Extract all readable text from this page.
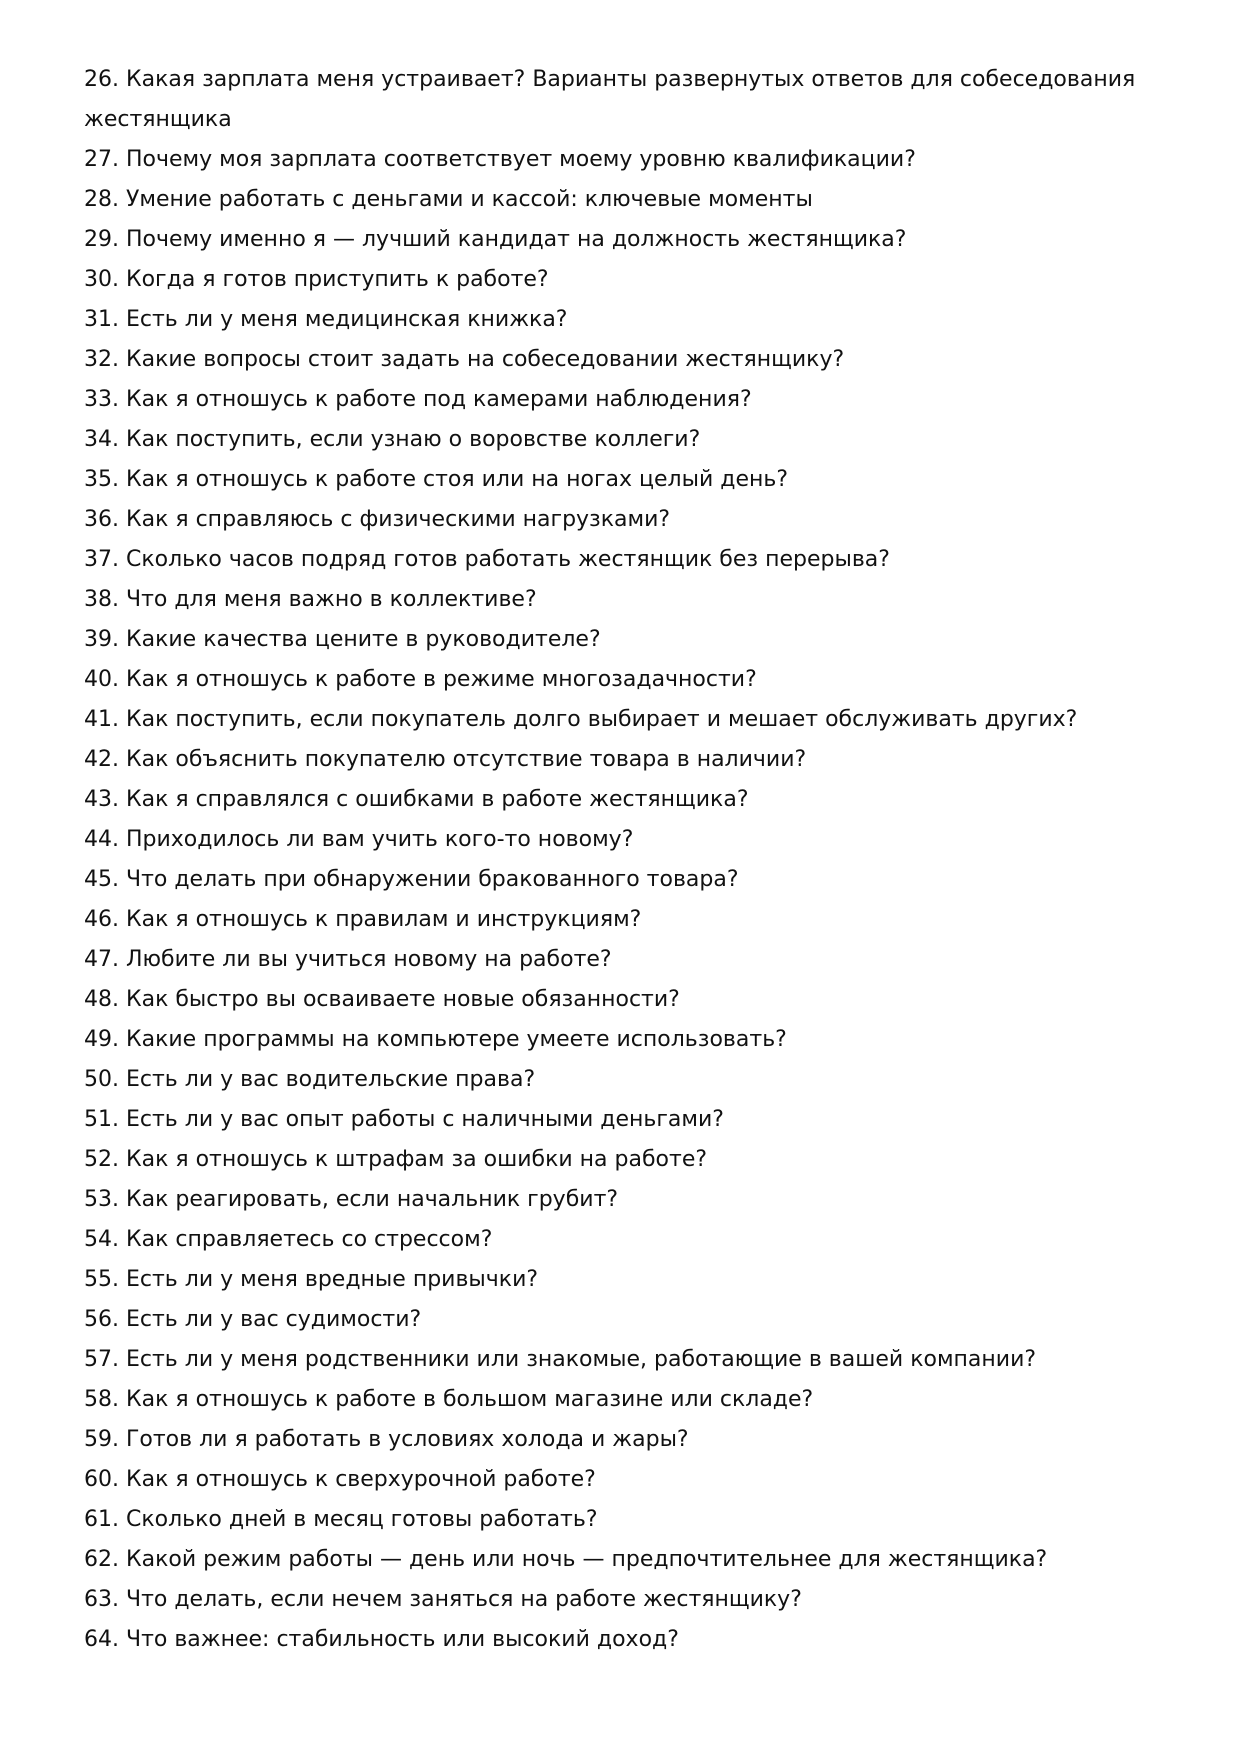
26. Какая зарплата меня устраивает? Варианты развернутых ответов для собеседования жестянщика
27. Почему моя зарплата соответствует моему уровню квалификации?
28. Умение работать с деньгами и кассой: ключевые моменты
29. Почему именно я — лучший кандидат на должность жестянщика?
30. Когда я готов приступить к работе?
31. Есть ли у меня медицинская книжка?
32. Какие вопросы стоит задать на собеседовании жестянщику?
33. Как я отношусь к работе под камерами наблюдения?
34. Как поступить, если узнаю о воровстве коллеги?
35. Как я отношусь к работе стоя или на ногах целый день?
36. Как я справляюсь с физическими нагрузками?
37. Сколько часов подряд готов работать жестянщик без перерыва?
38. Что для меня важно в коллективе?
39. Какие качества цените в руководителе?
40. Как я отношусь к работе в режиме многозадачности?
41. Как поступить, если покупатель долго выбирает и мешает обслуживать других?
42. Как объяснить покупателю отсутствие товара в наличии?
43. Как я справлялся с ошибками в работе жестянщика?
44. Приходилось ли вам учить кого-то новому?
45. Что делать при обнаружении бракованного товара?
46. Как я отношусь к правилам и инструкциям?
47. Любите ли вы учиться новому на работе?
48. Как быстро вы осваиваете новые обязанности?
49. Какие программы на компьютере умеете использовать?
50. Есть ли у вас водительские права?
51. Есть ли у вас опыт работы с наличными деньгами?
52. Как я отношусь к штрафам за ошибки на работе?
53. Как реагировать, если начальник грубит?
54. Как справляетесь со стрессом?
55. Есть ли у меня вредные привычки?
56. Есть ли у вас судимости?
57. Есть ли у меня родственники или знакомые, работающие в вашей компании?
58. Как я отношусь к работе в большом магазине или складе?
59. Готов ли я работать в условиях холода и жары?
60. Как я отношусь к сверхурочной работе?
61. Сколько дней в месяц готовы работать?
62. Какой режим работы — день или ночь — предпочтительнее для жестянщика?
63. Что делать, если нечем заняться на работе жестянщику?
64. Что важнее: стабильность или высокий доход?
